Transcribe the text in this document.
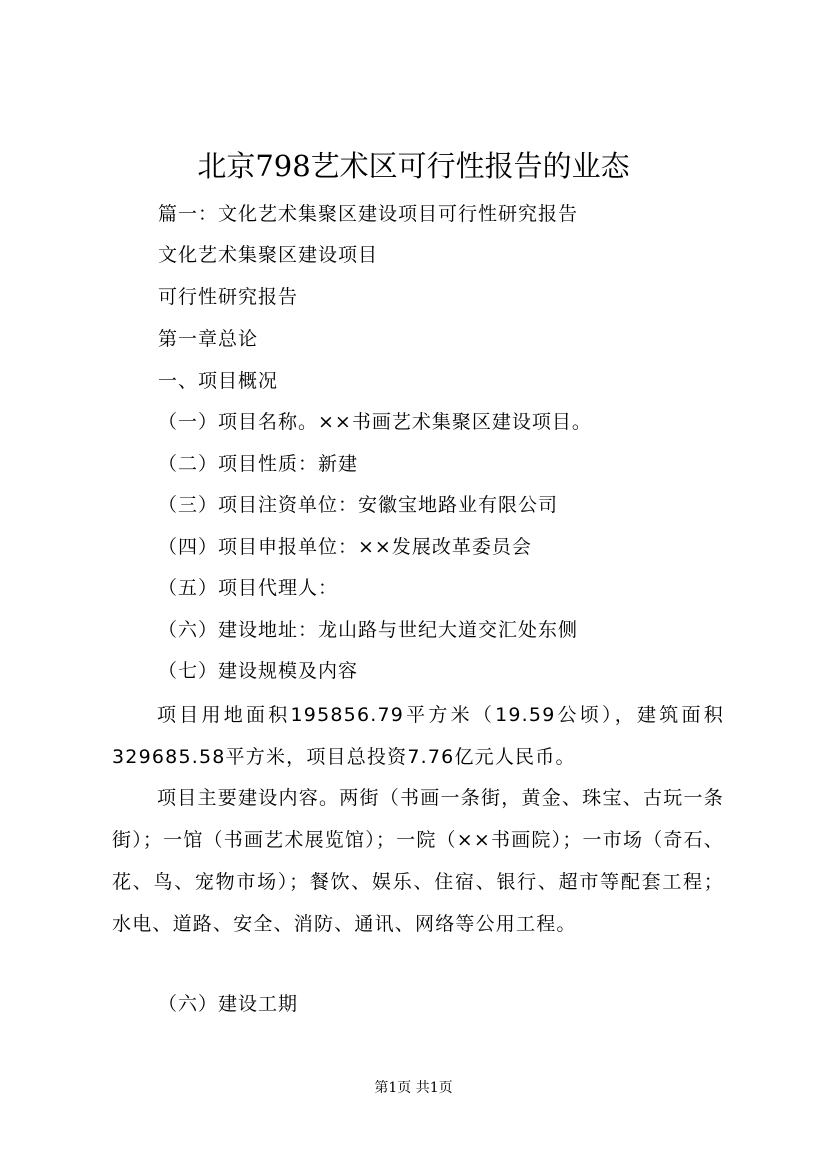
北京798艺术区可行性报告的业态
篇一：文化艺术集聚区建设项目可行性研究报告
文化艺术集聚区建设项目
可行性研究报告
第一章总论
一、项目概况
（一）项目名称。××书画艺术集聚区建设项目。
（二）项目性质：新建
（三）项目注资单位：安徽宝地路业有限公司
（四）项目申报单位：××发展改革委员会
（五）项目代理人：
（六）建设地址：龙山路与世纪大道交汇处东侧
（七）建设规模及内容
项目用地面积195856.79平方米（19.59公顷），建筑面积329685.58平方米，项目总投资7.76亿元人民币。
项目主要建设内容。两街（书画一条街，黄金、珠宝、古玩一条街）；一馆（书画艺术展览馆）；一院（××书画院）；一市场（奇石、花、鸟、宠物市场）；餐饮、娱乐、住宿、银行、超市等配套工程；水电、道路、安全、消防、通讯、网络等公用工程。
（六）建设工期
第1页 共1页
